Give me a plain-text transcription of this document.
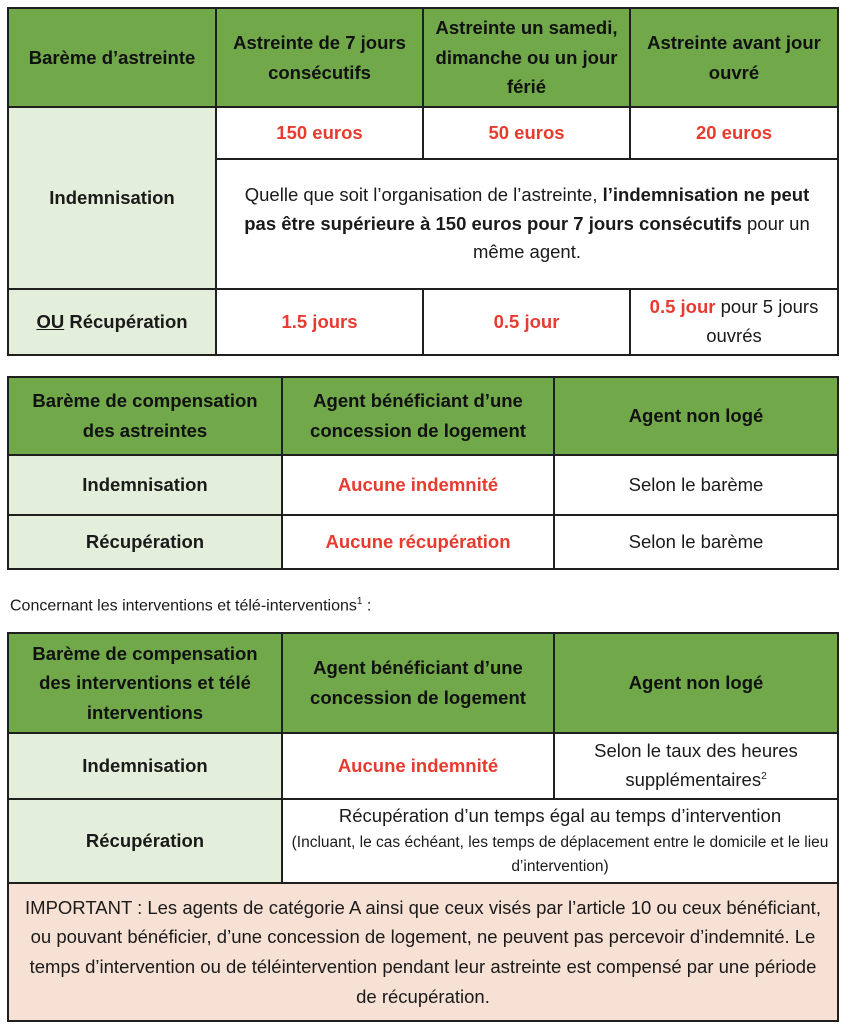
Barème d’astreinte	Astreinte de 7 jours consécutifs	Astreinte un samedi, dimanche ou un jour férié	Astreinte avant jour ouvré
Indemnisation	150 euros	50 euros	20 euros
	Quelle que soit l’organisation de l’astreinte, l’indemnisation ne peut pas être supérieure à 150 euros pour 7 jours consécutifs pour un même agent.		
OU Récupération	1.5 jours	0.5 jour	0.5 jour pour 5 jours ouvrés
Barème de compensation des astreintes	Agent bénéficiant d’une concession de logement	Agent non logé
Indemnisation	Aucune indemnité	Selon le barème
Récupération	Aucune récupération	Selon le barème
Concernant les interventions et télé-interventions$^1$ :
Barème de compensation des interventions et télé interventions	Agent bénéficiant d’une concession de logement	Agent non logé
Indemnisation	Aucune indemnité	Selon le taux des heures supplémentaires$^2$
Récupération	Récupération d’un temps égal au temps d’intervention
(Incluant, le cas échéant, les temps de déplacement entre le domicile et le lieu d’intervention)	

IMPORTANT : Les agents de catégorie A ainsi que ceux visés par l’article 10 ou ceux bénéficiant, ou pouvant bénéficier, d’une concession de logement, ne peuvent pas percevoir d’indemnité. Le temps d’intervention ou de téléintervention pendant leur astreinte est compensé par une période de récupération.		
